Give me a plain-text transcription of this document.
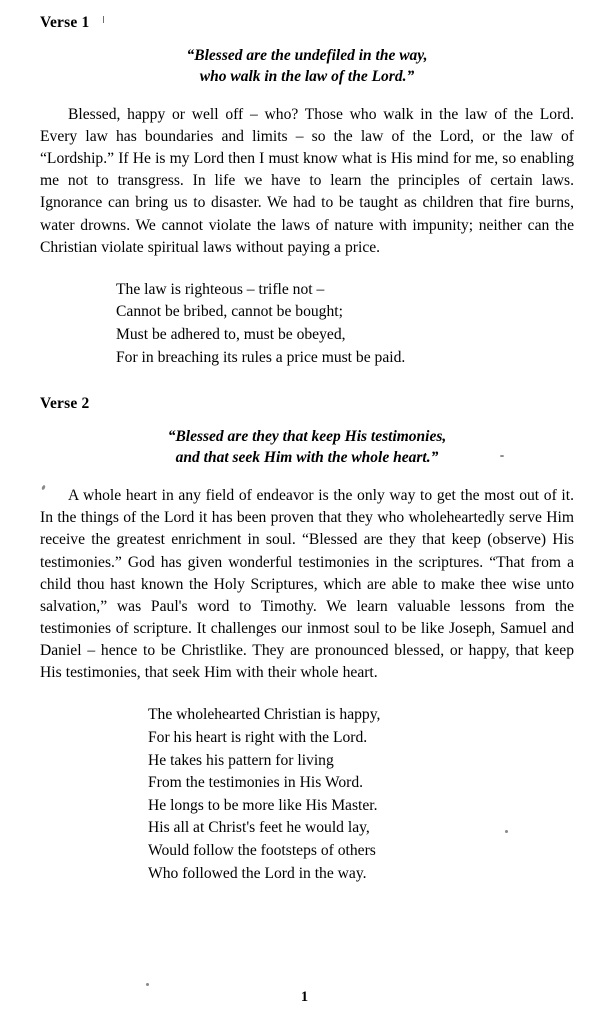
Verse 1
“Blessed are the undefiled in the way,
who walk in the law of the Lord.”

Blessed, happy or well off – who? Those who walk in the law of the Lord. Every law has boundaries and limits – so the law of the Lord, or the law of “Lordship.” If He is my Lord then I must know what is His mind for me, so enabling me not to transgress. In life we have to learn the principles of certain laws. Ignorance can bring us to disaster. We had to be taught as children that fire burns, water drowns. We cannot violate the laws of nature with impunity; neither can the Christian violate spiritual laws without paying a price.

The law is righteous – trifle not –
Cannot be bribed, cannot be bought;
Must be adhered to, must be obeyed,
For in breaching its rules a price must be paid.
Verse 2
“Blessed are they that keep His testimonies,
and that seek Him with the whole heart.”

A whole heart in any field of endeavor is the only way to get the most out of it. In the things of the Lord it has been proven that they who wholeheartedly serve Him receive the greatest enrichment in soul. “Blessed are they that keep (observe) His testimonies.” God has given wonderful testimonies in the scriptures. “That from a child thou hast known the Holy Scriptures, which are able to make thee wise unto salvation,” was Paul's word to Timothy. We learn valuable lessons from the testimonies of scripture. It challenges our inmost soul to be like Joseph, Samuel and Daniel – hence to be Christlike. They are pronounced blessed, or happy, that keep His testimonies, that seek Him with their whole heart.

The wholehearted Christian is happy,
For his heart is right with the Lord.
He takes his pattern for living
From the testimonies in His Word.
He longs to be more like His Master.
His all at Christ's feet he would lay,
Would follow the footsteps of others
Who followed the Lord in the way.
1
